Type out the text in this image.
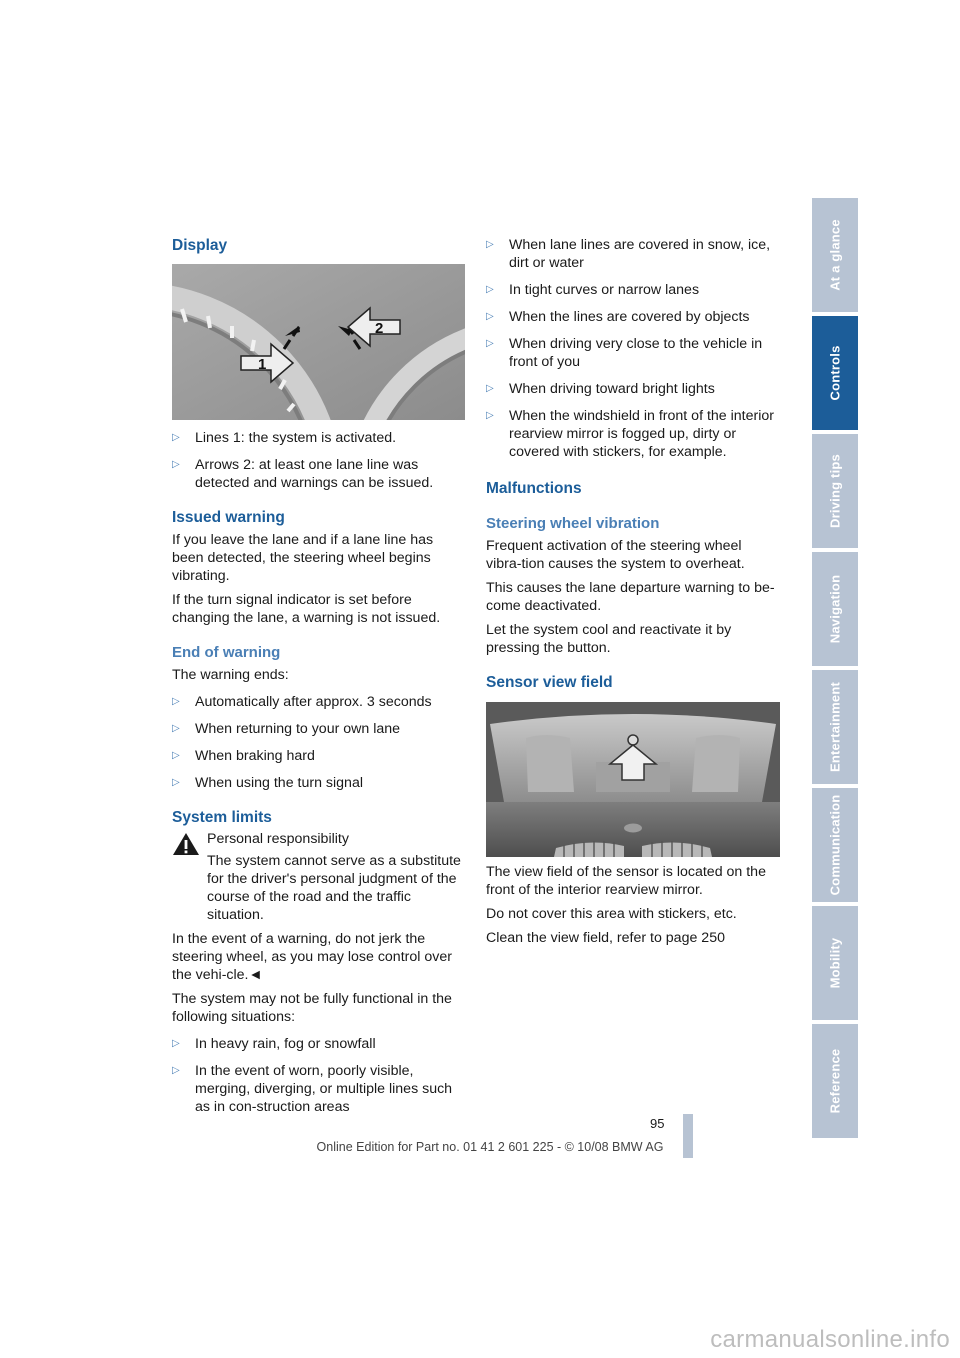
Display
1
2
▷ Lines 1: the system is activated.
▷ Arrows 2: at least one lane line was detected and warnings can be issued.
Issued warning

If you leave the lane and if a lane line has been detected, the steering wheel begins vibrating.

If the turn signal indicator is set before changing the lane, a warning is not issued.

End of warning

The warning ends:

▷ Automatically after approx. 3 seconds
▷ When returning to your own lane
▷ When braking hard
▷ When using the turn signal
System limits

Personal responsibility

The system cannot serve as a substitute for the driver's personal judgment of the course of the road and the traffic situation.

In the event of a warning, do not jerk the steering wheel, as you may lose control over the vehi-cle.◄

The system may not be fully functional in the following situations:

▷ In heavy rain, fog or snowfall
▷ In the event of worn, poorly visible, merging, diverging, or multiple lines such as in con-struction areas
▷ When lane lines are covered in snow, ice, dirt or water
▷ In tight curves or narrow lanes
▷ When the lines are covered by objects
▷ When driving very close to the vehicle in front of you
▷ When driving toward bright lights
▷ When the windshield in front of the interior rearview mirror is fogged up, dirty or covered with stickers, for example.
Malfunctions
Steering wheel vibration

Frequent activation of the steering wheel vibra-tion causes the system to overheat.

This causes the lane departure warning to be-come deactivated.

Let the system cool and reactivate it by pressing the button.

Sensor view field

The view field of the sensor is located on the front of the interior rearview mirror.

Do not cover this area with stickers, etc.

Clean the view field, refer to page 250

At a glance
Controls
Driving tips
Navigation
Entertainment
Communication
Mobility
Reference
95
Online Edition for Part no. 01 41 2 601 225 - © 10/08 BMW AG
carmanualsonline.info
